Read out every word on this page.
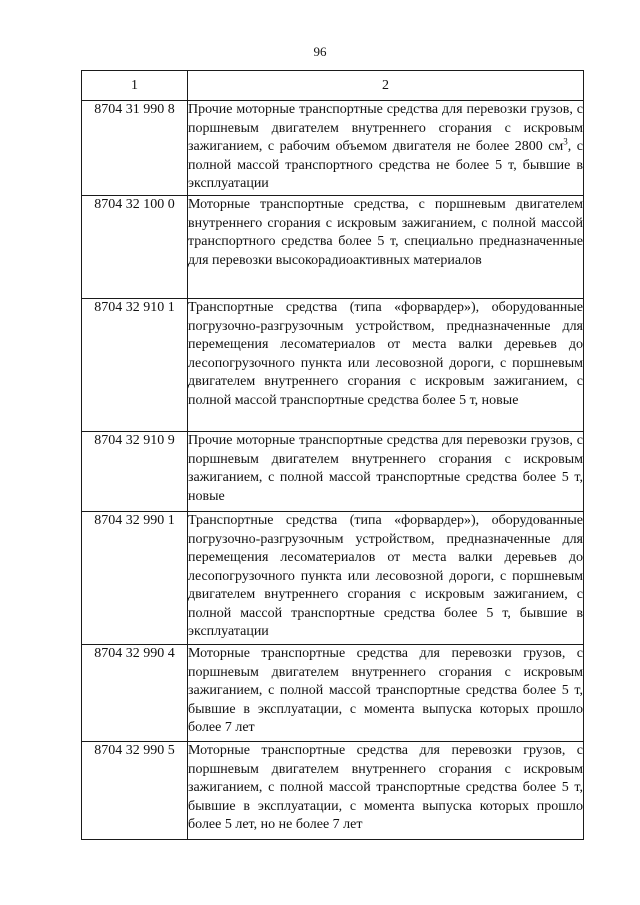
96
1	2
8704 31 990 8	Прочие моторные транспортные средства для перевозки грузов, с поршневым двигателем внутреннего сгорания с искровым зажиганием, с рабочим объемом двигателя не более 2800 $см^3$, с полной массой транспортного средства не более 5 т, бывшие в эксплуатации
8704 32 100 0	Моторные транспортные средства, с поршневым двигателем внутреннего сгорания с искровым зажиганием, с полной массой транспортного средства более 5 т, специально предназначенные для перевозки высокорадиоактивных материалов
8704 32 910 1	Транспортные средства (типа «форвардер»), оборудованные погрузочно-разгрузочным устройством, предназначенные для перемещения лесоматериалов от места валки деревьев до лесопогрузочного пункта или лесовозной дороги, с поршневым двигателем внутреннего сгорания с искровым зажиганием, с полной массой транспортные средства более 5 т, новые
8704 32 910 9	Прочие моторные транспортные средства для перевозки грузов, с поршневым двигателем внутреннего сгорания с искровым зажиганием, с полной массой транспортные средства более 5 т, новые
8704 32 990 1	Транспортные средства (типа «форвардер»), оборудованные погрузочно-разгрузочным устройством, предназначенные для перемещения лесоматериалов от места валки деревьев до лесопогрузочного пункта или лесовозной дороги, с поршневым двигателем внутреннего сгорания с искровым зажиганием, с полной массой транспортные средства более 5 т, бывшие в эксплуатации
8704 32 990 4	Моторные транспортные средства для перевозки грузов, с поршневым двигателем внутреннего сгорания с искровым зажиганием, с полной массой транспортные средства более 5 т, бывшие в эксплуатации, с момента выпуска которых прошло более 7 лет
8704 32 990 5	Моторные транспортные средства для перевозки грузов, с поршневым двигателем внутреннего сгорания с искровым зажиганием, с полной массой транспортные средства более 5 т, бывшие в эксплуатации, с момента выпуска которых прошло более 5 лет, но не более 7 лет
